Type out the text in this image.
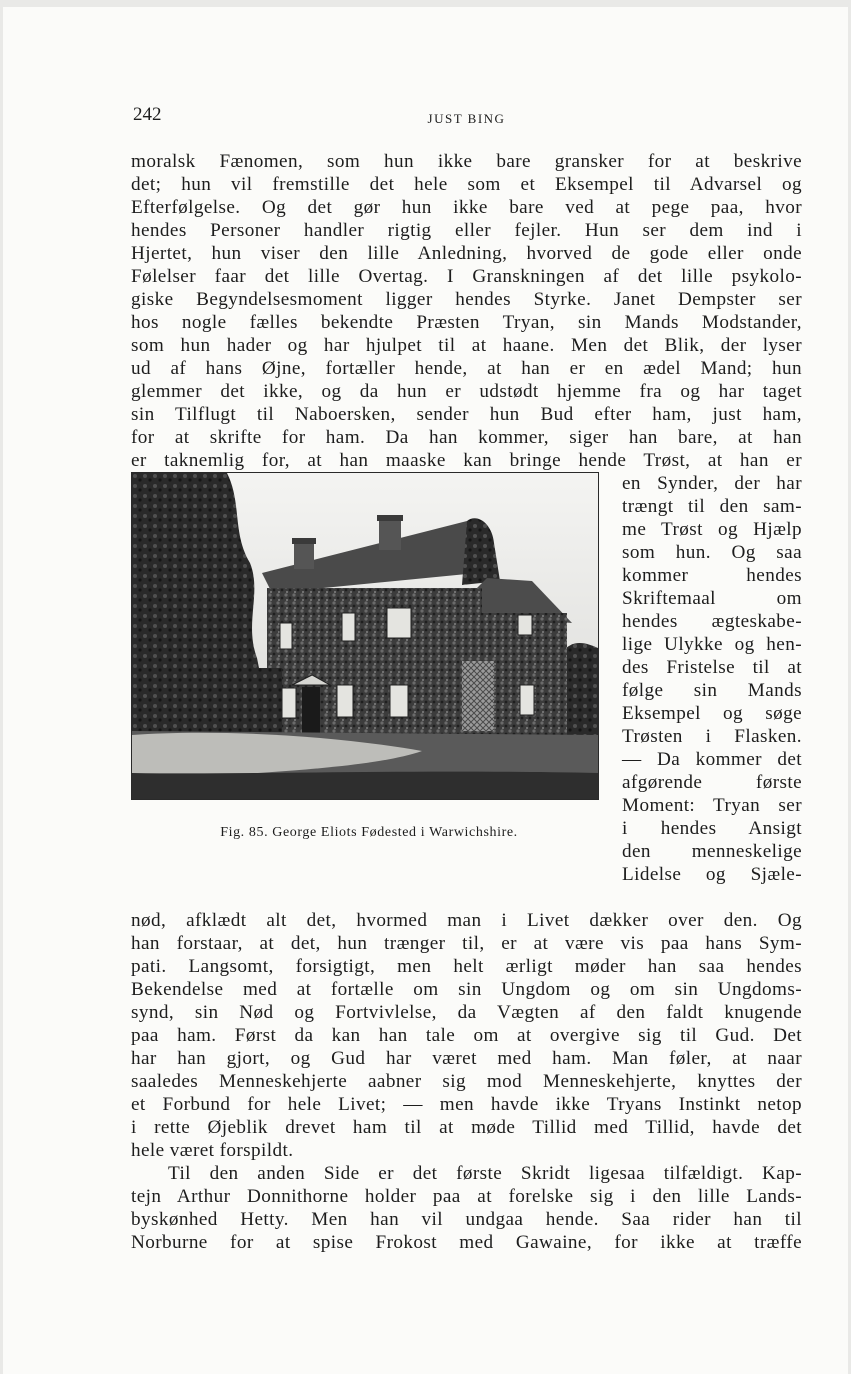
242	JUST BING

moralsk Fænomen, som hun ikke bare gransker for at beskrive

det; hun vil fremstille det hele som et Eksempel til Advarsel og

Efterfølgelse. Og det gør hun ikke bare ved at pege paa, hvor

hendes Personer handler rigtig eller fejler. Hun ser dem ind i

Hjertet, hun viser den lille Anledning, hvorved de gode eller onde

Følelser faar det lille Overtag. I Granskningen af det lille psykolo-

giske Begyndelsesmoment ligger hendes Styrke. Janet Dempster ser

hos nogle fælles bekendte Præsten Tryan, sin Mands Modstander,

som hun hader og har hjulpet til at haane. Men det Blik, der lyser

ud af hans Øjne, fortæller hende, at han er en ædel Mand; hun

glemmer det ikke, og da hun er udstødt hjemme fra og har taget

sin Tilflugt til Naboersken, sender hun Bud efter ham, just ham,

for at skrifte for ham. Da han kommer, siger han bare, at han

er taknemlig for, at han maaske kan bringe hende Trøst, at han er

Fig. 85. George Eliots Fødested i Warwichshire.

en Synder, der har

trængt til den sam-

me Trøst og Hjælp

som hun. Og saa

kommer hendes

Skriftemaal om

hendes ægteskabe-

lige Ulykke og hen-

des Fristelse til at

følge sin Mands

Eksempel og søge

Trøsten i Flasken.

— Da kommer det

afgørende første

Moment: Tryan ser

i hendes Ansigt

den menneskelige

Lidelse og Sjæle-

nød, afklædt alt det, hvormed man i Livet dækker over den. Og

han forstaar, at det, hun trænger til, er at være vis paa hans Sym-

pati. Langsomt, forsigtigt, men helt ærligt møder han saa hendes

Bekendelse med at fortælle om sin Ungdom og om sin Ungdoms-

synd, sin Nød og Fortvivlelse, da Vægten af den faldt knugende

paa ham. Først da kan han tale om at overgive sig til Gud. Det

har han gjort, og Gud har været med ham. Man føler, at naar

saaledes Menneskehjerte aabner sig mod Menneskehjerte, knyttes der

et Forbund for hele Livet; — men havde ikke Tryans Instinkt netop

i rette Øjeblik drevet ham til at møde Tillid med Tillid, havde det

hele været forspildt.

Til den anden Side er det første Skridt ligesaa tilfældigt. Kap-

tejn Arthur Donnithorne holder paa at forelske sig i den lille Lands-

byskønhed Hetty. Men han vil undgaa hende. Saa rider han til

Norburne for at spise Frokost med Gawaine, for ikke at træffe
